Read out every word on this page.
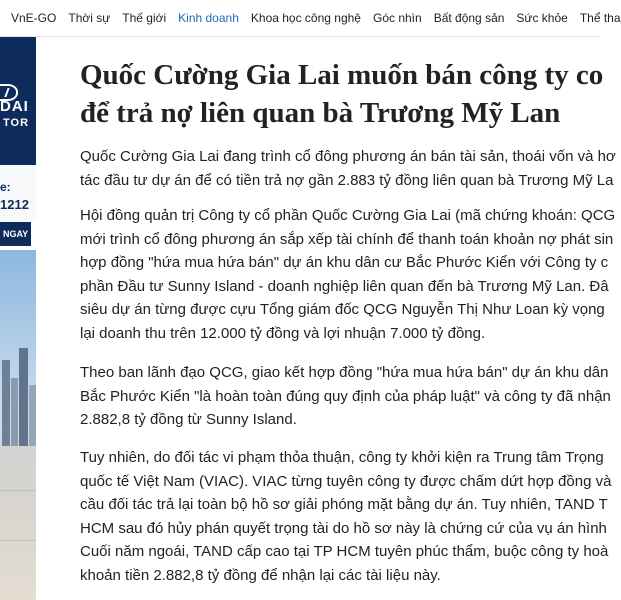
VnE-GO Thời sự Thế giới Kinh doanh Khoa học công nghệ Góc nhìn Bất động sản Sức khỏe Thể tha
DAI
TOR
e:
1212
NGAY
Quốc Cường Gia Lai muốn bán công ty co
để trả nợ liên quan bà Trương Mỹ Lan
Quốc Cường Gia Lai đang trình cổ đông phương án bán tài sản, thoái vốn và hơ
tác đầu tư dự án để có tiền trả nợ gần 2.883 tỷ đồng liên quan bà Trương Mỹ La
Hội đồng quản trị Công ty cổ phần Quốc Cường Gia Lai (mã chứng khoán: QCG
mới trình cổ đông phương án sắp xếp tài chính để thanh toán khoản nợ phát sin
hợp đồng "hứa mua hứa bán" dự án khu dân cư Bắc Phước Kiển với Công ty c
phần Đầu tư Sunny Island - doanh nghiệp liên quan đến bà Trương Mỹ Lan. Đâ
siêu dự án từng được cựu Tổng giám đốc QCG Nguyễn Thị Như Loan kỳ vọng
lại doanh thu trên 12.000 tỷ đồng và lợi nhuận 7.000 tỷ đồng.
Theo ban lãnh đạo QCG, giao kết hợp đồng "hứa mua hứa bán" dự án khu dân
Bắc Phước Kiển "là hoàn toàn đúng quy định của pháp luật" và công ty đã nhận
2.882,8 tỷ đồng từ Sunny Island.
Tuy nhiên, do đối tác vi phạm thỏa thuận, công ty khởi kiện ra Trung tâm Trọng
quốc tế Việt Nam (VIAC). VIAC từng tuyên công ty được chấm dứt hợp đồng và
cầu đối tác trả lại toàn bộ hồ sơ giải phóng mặt bằng dự án. Tuy nhiên, TAND T
HCM sau đó hủy phán quyết trọng tài do hồ sơ này là chứng cứ của vụ án hình
Cuối năm ngoái, TAND cấp cao tại TP HCM tuyên phúc thẩm, buộc công ty hoà
khoản tiền 2.882,8 tỷ đồng để nhận lại các tài liệu này.
